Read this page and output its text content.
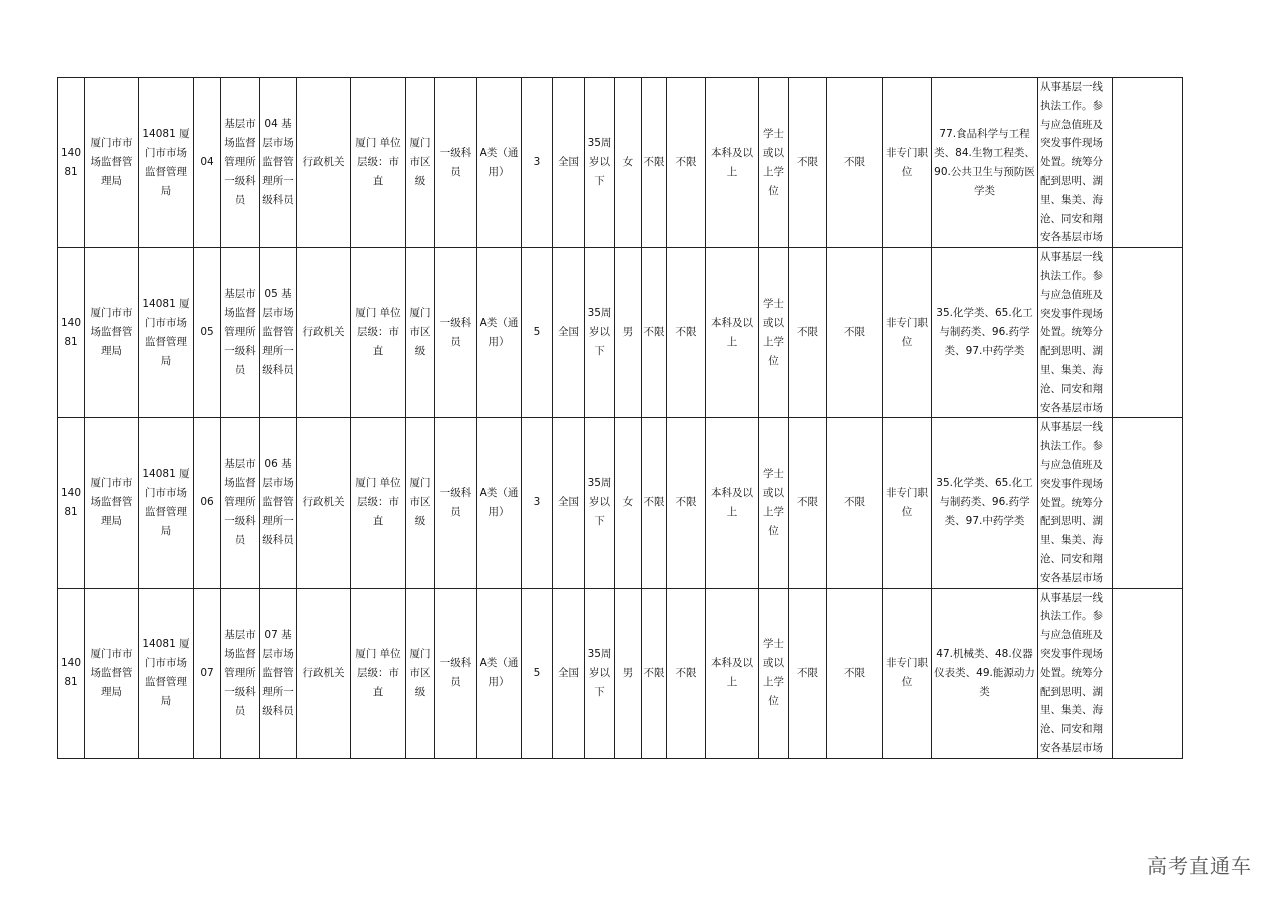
14081	厦门市市场监督管理局	14081 厦门市市场监督管理局	04	基层市场监督管理所一级科员	04 基层市场监督管理所一级科员	行政机关	厦门 单位层级：市直	厦门市区级	一级科员	A类（通用）	3	全国	35周岁以下	女	不限	不限	本科及以上	学士或以上学位	不限	不限	非专门职位	77.食品科学与工程类、84.生物工程类、90.公共卫生与预防医学类	从事基层一线执法工作。参与应急值班及突发事件现场处置。统筹分配到思明、湖里、集美、海沧、同安和翔安各基层市场	
14081	厦门市市场监督管理局	14081 厦门市市场监督管理局	05	基层市场监督管理所一级科员	05 基层市场监督管理所一级科员	行政机关	厦门 单位层级：市直	厦门市区级	一级科员	A类（通用）	5	全国	35周岁以下	男	不限	不限	本科及以上	学士或以上学位	不限	不限	非专门职位	35.化学类、65.化工与制药类、96.药学类、97.中药学类	从事基层一线执法工作。参与应急值班及突发事件现场处置。统筹分配到思明、湖里、集美、海沧、同安和翔安各基层市场	
14081	厦门市市场监督管理局	14081 厦门市市场监督管理局	06	基层市场监督管理所一级科员	06 基层市场监督管理所一级科员	行政机关	厦门 单位层级：市直	厦门市区级	一级科员	A类（通用）	3	全国	35周岁以下	女	不限	不限	本科及以上	学士或以上学位	不限	不限	非专门职位	35.化学类、65.化工与制药类、96.药学类、97.中药学类	从事基层一线执法工作。参与应急值班及突发事件现场处置。统筹分配到思明、湖里、集美、海沧、同安和翔安各基层市场	
14081	厦门市市场监督管理局	14081 厦门市市场监督管理局	07	基层市场监督管理所一级科员	07 基层市场监督管理所一级科员	行政机关	厦门 单位层级：市直	厦门市区级	一级科员	A类（通用）	5	全国	35周岁以下	男	不限	不限	本科及以上	学士或以上学位	不限	不限	非专门职位	47.机械类、48.仪器仪表类、49.能源动力类	从事基层一线执法工作。参与应急值班及突发事件现场处置。统筹分配到思明、湖里、集美、海沧、同安和翔安各基层市场	
高考直通车
